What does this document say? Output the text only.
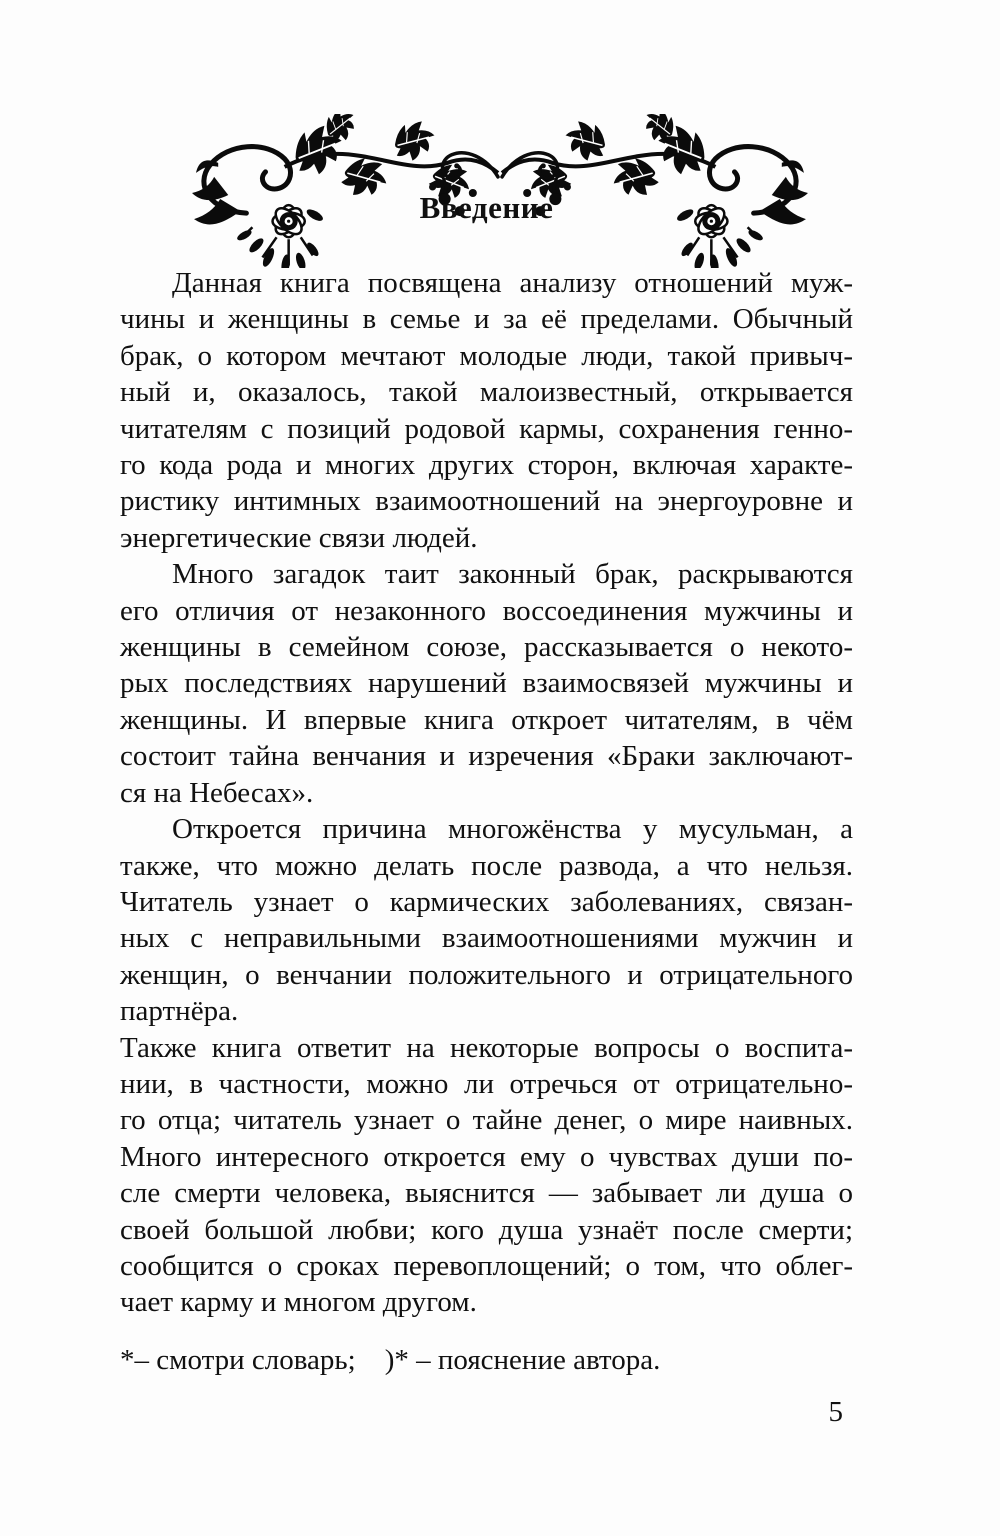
Введение
Данная книга посвящена анализу отношений муж-
чины и женщины в семье и за её пределами. Обычный
брак, о котором мечтают молодые люди, такой привыч-
ный и, оказалось, такой малоизвестный, открывается
читателям с позиций родовой кармы, сохранения генно-
го кода рода и многих других сторон, включая характе-
ристику интимных взаимоотношений на энергоуровне и
энергетические связи людей.
Много загадок таит законный брак, раскрываются
его отличия от незаконного воссоединения мужчины и
женщины в семейном союзе, рассказывается о некото-
рых последствиях нарушений взаимосвязей мужчины и
женщины. И впервые книга откроет читателям, в чём
состоит тайна венчания и изречения «Браки заключают-
ся на Небесах».
Откроется причина многожёнства у мусульман, а
также, что можно делать после развода, а что нельзя.
Читатель узнает о кармических заболеваниях, связан-
ных с неправильными взаимоотношениями мужчин и
женщин, о венчании положительного и отрицательного
партнёра.
Также книга ответит на некоторые вопросы о воспита-
нии, в частности, можно ли отречься от отрицательно-
го отца; читатель узнает о тайне денег, о мире наивных.
Много интересного откроется ему о чувствах души по-
сле смерти человека, выяснится — забывает ли душа о
своей большой любви; кого душа узнаёт после смерти;
сообщится о сроках перевоплощений; о том, что облег-
чает карму и многом другом.
*– смотри словарь;    )* – пояснение автора.
5
